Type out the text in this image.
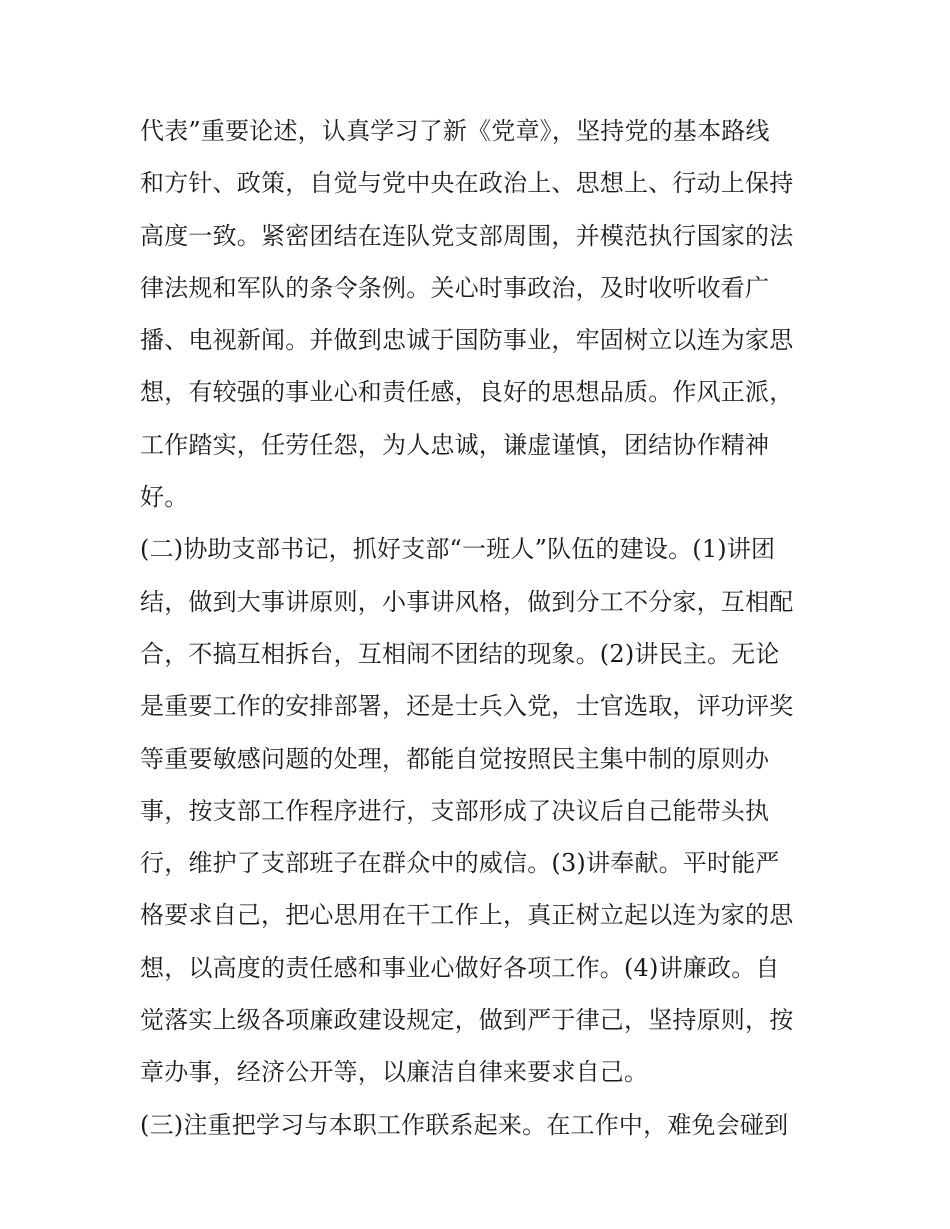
代表”重要论述，认真学习了新《党章》，坚持党的基本路线
和方针、政策，自觉与党中央在政治上、思想上、行动上保持
高度一致。紧密团结在连队党支部周围，并模范执行国家的法
律法规和军队的条令条例。关心时事政治，及时收听收看广
播、电视新闻。并做到忠诚于国防事业，牢固树立以连为家思
想，有较强的事业心和责任感，良好的思想品质。作风正派，
工作踏实，任劳任怨，为人忠诚，谦虚谨慎，团结协作精神
好。
(二)协助支部书记，抓好支部“一班人”队伍的建设。(1)讲团
结，做到大事讲原则，小事讲风格，做到分工不分家，互相配
合，不搞互相拆台，互相闹不团结的现象。(2)讲民主。无论
是重要工作的安排部署，还是士兵入党，士官选取，评功评奖
等重要敏感问题的处理，都能自觉按照民主集中制的原则办
事，按支部工作程序进行，支部形成了决议后自己能带头执
行，维护了支部班子在群众中的威信。(3)讲奉献。平时能严
格要求自己，把心思用在干工作上，真正树立起以连为家的思
想，以高度的责任感和事业心做好各项工作。(4)讲廉政。自
觉落实上级各项廉政建设规定，做到严于律己，坚持原则，按
章办事，经济公开等，以廉洁自律来要求自己。
(三)注重把学习与本职工作联系起来。在工作中，难免会碰到
